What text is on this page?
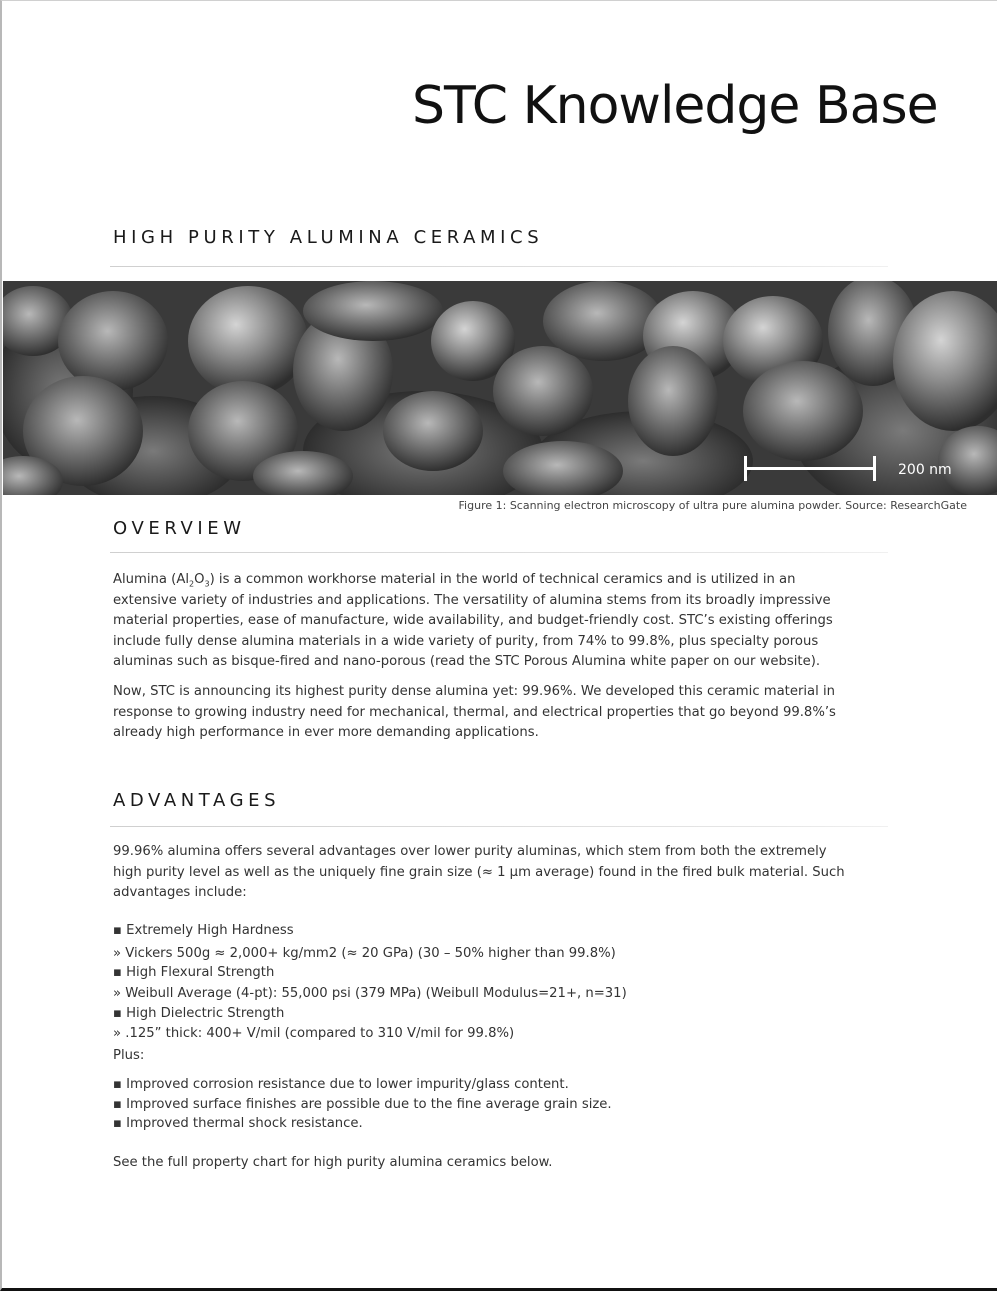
STC Knowledge Base
HIGH PURITY ALUMINA CERAMICS
200 nm
Figure 1: Scanning electron microscopy of ultra pure alumina powder. Source: ResearchGate
OVERVIEW

Alumina $(Al_2O_3)$ is a common workhorse material in the world of technical ceramics and is utilized in an extensive variety of industries and applications. The versatility of alumina stems from its broadly impressive material properties, ease of manufacture, wide availability, and budget-friendly cost. STC’s existing offerings include fully dense alumina materials in a wide variety of purity, from 74% to 99.8%, plus specialty porous aluminas such as bisque-fired and nano-porous (read the STC Porous Alumina white paper on our website).

Now, STC is announcing its highest purity dense alumina yet: 99.96%. We developed this ceramic material in response to growing industry need for mechanical, thermal, and electrical properties that go beyond 99.8%’s already high performance in ever more demanding applications.

ADVANTAGES

99.96% alumina offers several advantages over lower purity aluminas, which stem from both the extremely high purity level as well as the uniquely fine grain size (≈ 1 µm average) found in the fired bulk material. Such advantages include:

▪ Extremely High Hardness
» Vickers 500g ≈ 2,000+ kg/mm2 (≈ 20 GPa) (30 – 50% higher than 99.8%)
▪ High Flexural Strength
» Weibull Average (4-pt): 55,000 psi (379 MPa) (Weibull Modulus=21+, n=31)
▪ High Dielectric Strength
» .125” thick: 400+ V/mil (compared to 310 V/mil for 99.8%)
Plus:
▪ Improved corrosion resistance due to lower impurity/glass content.
▪ Improved surface finishes are possible due to the fine average grain size.
▪ Improved thermal shock resistance.
See the full property chart for high purity alumina ceramics below.
